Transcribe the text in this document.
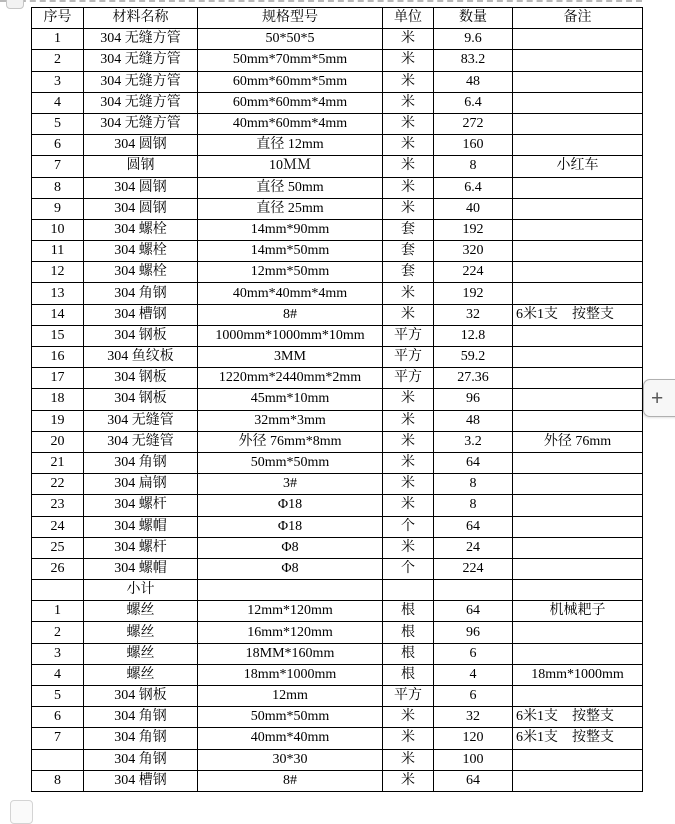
序号	材料名称	规格型号	单位	数量	备注
1	304 无缝方管	50*50*5	米	9.6	
2	304 无缝方管	50mm*70mm*5mm	米	83.2	
3	304 无缝方管	60mm*60mm*5mm	米	48	
4	304 无缝方管	60mm*60mm*4mm	米	6.4	
5	304 无缝方管	40mm*60mm*4mm	米	272	
6	304 圆钢	直径 12mm	米	160	
7	圆钢	10ＭＭ	米	8	小红车
8	304 圆钢	直径 50mm	米	6.4	
9	304 圆钢	直径 25mm	米	40	
10	304 螺栓	14mm*90mm	套	192	
11	304 螺栓	14mm*50mm	套	320	
12	304 螺栓	12mm*50mm	套	224	
13	304 角钢	40mm*40mm*4mm	米	192	
14	304 槽钢	8#	米	32	6米1支　按整支
15	304 钢板	1000mm*1000mm*10mm	平方	12.8	
16	304 鱼纹板	3MM	平方	59.2	
17	304 钢板	1220mm*2440mm*2mm	平方	27.36	
18	304 钢板	45mm*10mm	米	96	
19	304 无缝管	32mm*3mm	米	48	
20	304 无缝管	外径 76mm*8mm	米	3.2	外径 76mm
21	304 角钢	50mm*50mm	米	64	
22	304 扁钢	3#	米	8	
23	304 螺杆	Φ18	米	8	
24	304 螺帽	Φ18	个	64	
25	304 螺杆	Φ8	米	24	
26	304 螺帽	Φ8	个	224	
	小计				
1	螺丝	12mm*120mm	根	64	机械耙子
2	螺丝	16mm*120mm	根	96	
3	螺丝	18MM*160mm	根	6	
4	螺丝	18mm*1000mm	根	4	18mm*1000mm
5	304 钢板	12mm	平方	6	
6	304 角钢	50mm*50mm	米	32	6米1支　按整支
7	304 角钢	40mm*40mm	米	120	6米1支　按整支
	304 角钢	30*30	米	100	
8	304 槽钢	8#	米	64	
+
